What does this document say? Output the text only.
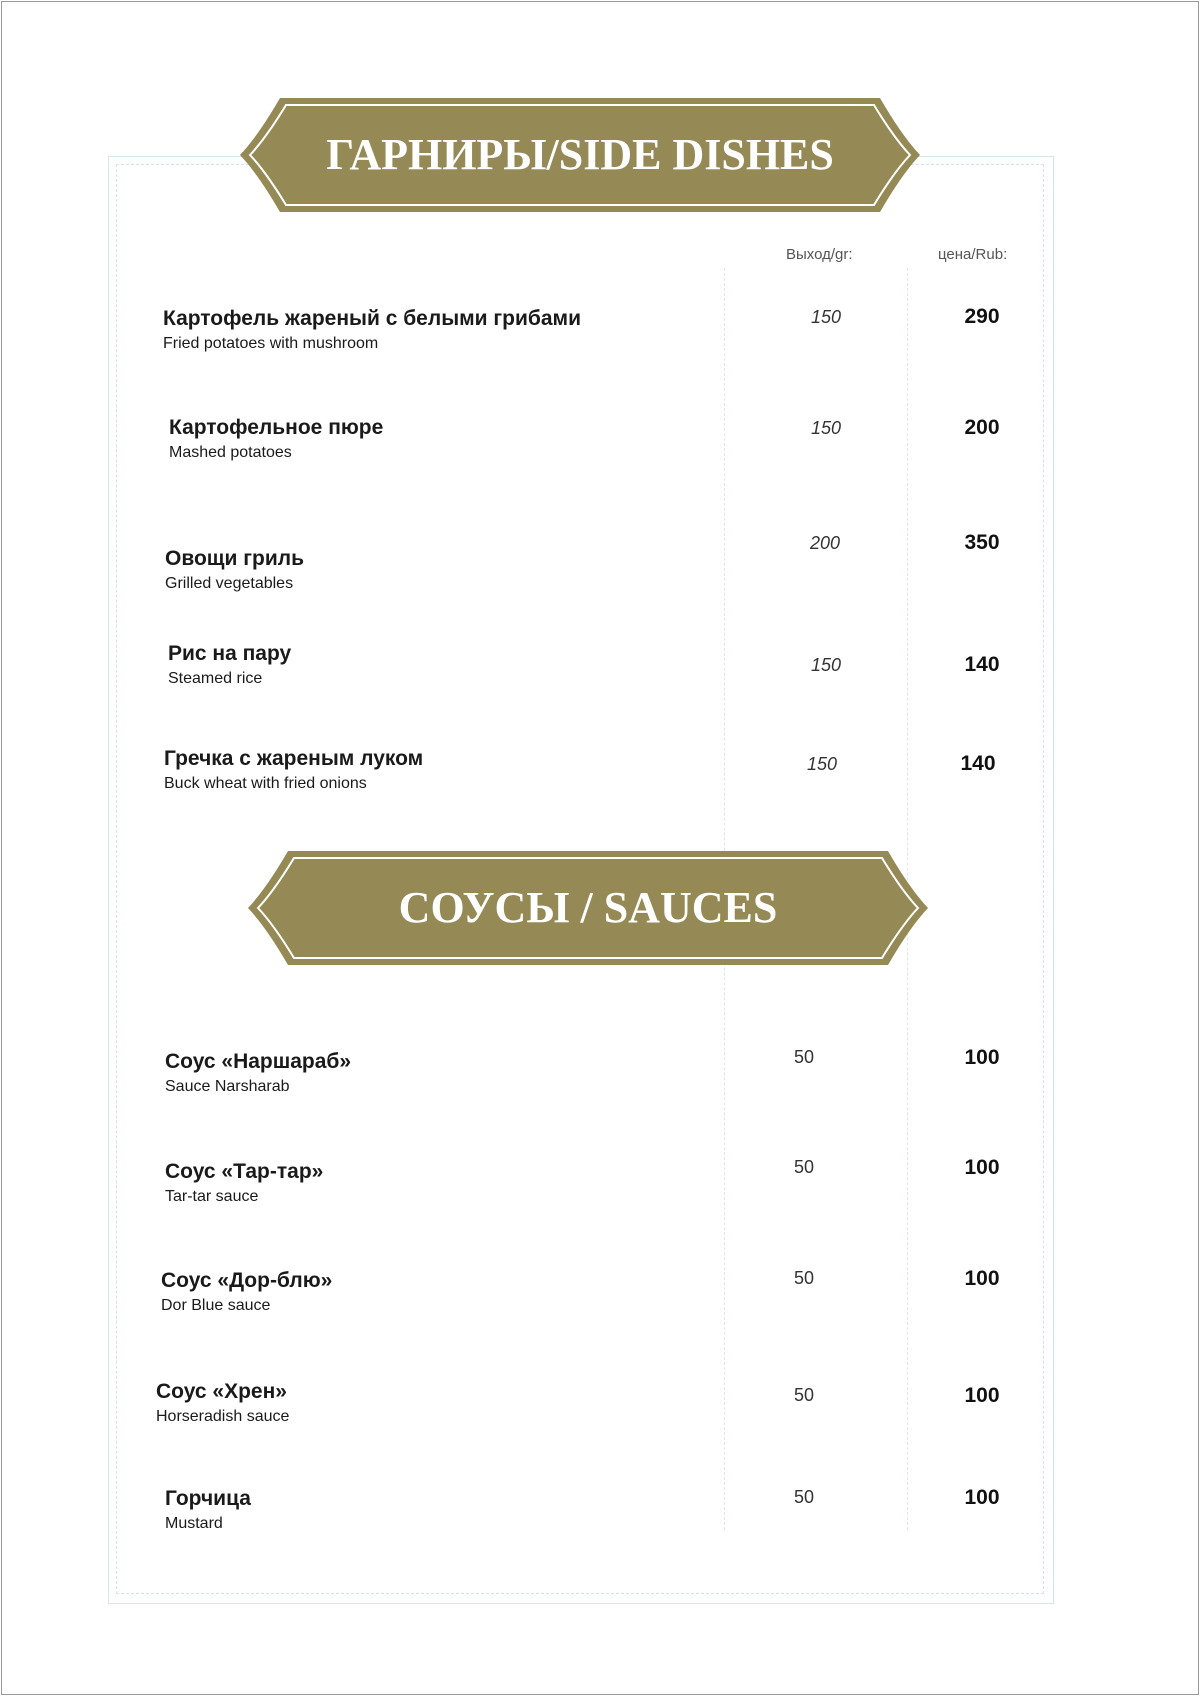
ГАРНИРЫ/SIDE DISHES
Выход/gr:	цена/Rub:
Картофель жареный с белыми грибами
Fried potatoes with mushroom
150	290
Картофельное пюре
Mashed potatoes
150	200
Овощи гриль
Grilled vegetables
200	350
Рис на пару
Steamed rice
150	140
Гречка с жареным луком
Buck wheat with fried onions
150	140
СОУСЫ / SAUCES
Соус «Наршараб»
Sauce Narsharab
50	100
Соус «Тар-тар»
Tar-tar sauce
50	100
Соус «Дор-блю»
Dor Blue sauce
50	100
Соус «Хрен»
Horseradish sauce
50	100
Горчица
Mustard
50	100
